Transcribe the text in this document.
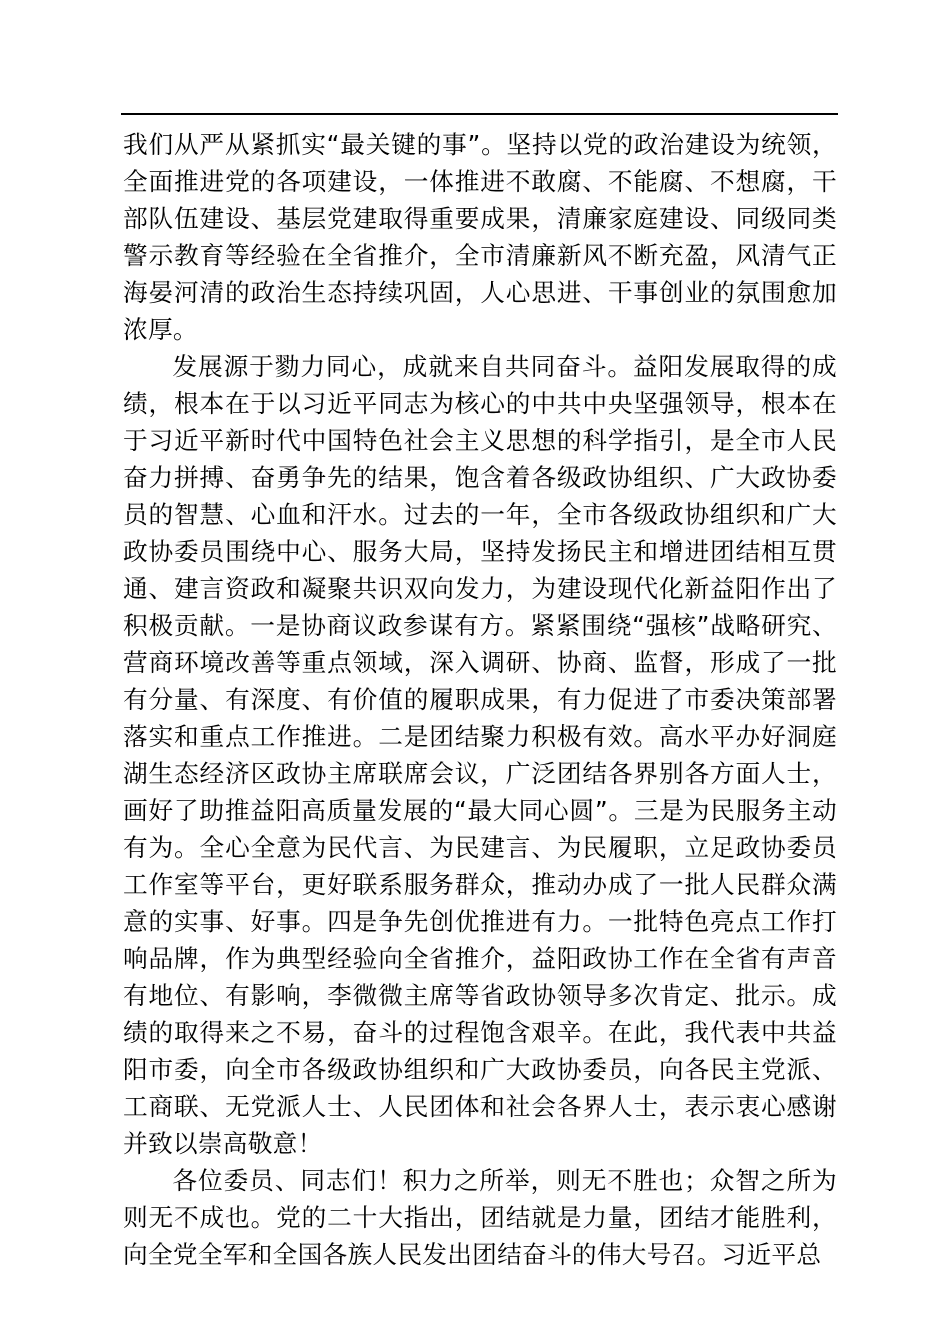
我们从严从紧抓实“最关键的事”。坚持以党的政治建设为统领，全面推进党的各项建设，一体推进不敢腐、不能腐、不想腐，干部队伍建设、基层党建取得重要成果，清廉家庭建设、同级同类警示教育等经验在全省推介，全市清廉新风不断充盈，风清气正海晏河清的政治生态持续巩固，人心思进、干事创业的氛围愈加浓厚。

发展源于勠力同心，成就来自共同奋斗。益阳发展取得的成绩，根本在于以习近平同志为核心的中共中央坚强领导，根本在于习近平新时代中国特色社会主义思想的科学指引，是全市人民奋力拼搏、奋勇争先的结果，饱含着各级政协组织、广大政协委员的智慧、心血和汗水。过去的一年，全市各级政协组织和广大政协委员围绕中心、服务大局，坚持发扬民主和增进团结相互贯通、建言资政和凝聚共识双向发力，为建设现代化新益阳作出了积极贡献。一是协商议政参谋有方。紧紧围绕“强核”战略研究、营商环境改善等重点领域，深入调研、协商、监督，形成了一批有分量、有深度、有价值的履职成果，有力促进了市委决策部署落实和重点工作推进。二是团结聚力积极有效。高水平办好洞庭湖生态经济区政协主席联席会议，广泛团结各界别各方面人士，画好了助推益阳高质量发展的“最大同心圆”。三是为民服务主动有为。全心全意为民代言、为民建言、为民履职，立足政协委员工作室等平台，更好联系服务群众，推动办成了一批人民群众满意的实事、好事。四是争先创优推进有力。一批特色亮点工作打响品牌，作为典型经验向全省推介，益阳政协工作在全省有声音有地位、有影响，李微微主席等省政协领导多次肯定、批示。成绩的取得来之不易，奋斗的过程饱含艰辛。在此，我代表中共益阳市委，向全市各级政协组织和广大政协委员，向各民主党派、工商联、无党派人士、人民团体和社会各界人士，表示衷心感谢并致以崇高敬意！

各位委员、同志们！积力之所举，则无不胜也；众智之所为则无不成也。党的二十大指出，团结就是力量，团结才能胜利，向全党全军和全国各族人民发出团结奋斗的伟大号召。习近平总
